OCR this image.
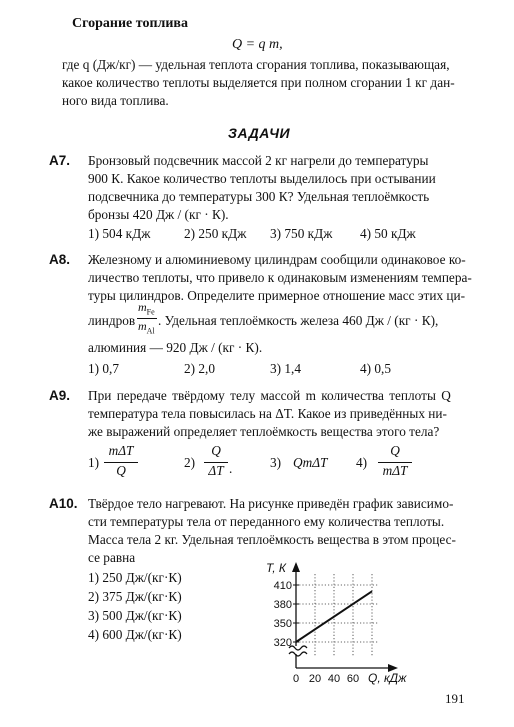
Сгорание топлива
Q = q m,
где q (Дж/кг) — удельная теплота сгорания топлива, показывающая,
какое количество теплоты выделяется при полном сгорании 1 кг дан-
ного вида топлива.
ЗАДАЧИ
А7. Бронзовый подсвечник массой 2 кг нагрели до температуры
900 К. Какое количество теплоты выделилось при остывании
подсвечника до температуры 300 К? Удельная теплоёмкость
бронзы 420 Дж / (кг · К).
1) 504 кДж	2) 250 кДж 3) 750 кДж 4) 50 кДж
А8. Железному и алюминиевому цилиндрам сообщили одинаковое ко-
личество теплоты, что привело к одинаковым изменениям темпера-
туры цилиндров. Определите примерное отношение масс этих ци-
линдров
$m_{Fe}$
$m_{Al}$
. Удельная теплоёмкость железа 460 Дж / (кг · К),
алюминия — 920 Дж / (кг · К).
1) 0,7	2) 2,0	3) 1,4	4) 0,5
А9. При передаче твёрдому телу массой m количества теплоты Q
температура тела повысилась на ΔT. Какое из приведённых ни-
же выражений определяет теплоёмкость вещества этого тела?
1)
mΔT
Q
2)
Q
ΔT .	3) QmΔT 4)
Q
mΔT
А10. Твёрдое тело нагревают. На рисунке приведён график зависимо-
сти температуры тела от переданного ему количества теплоты.
Масса тела 2 кг. Удельная теплоёмкость вещества в этом процес-
се равна
1) 250 Дж/(кг·К)
2) 375 Дж/(кг·К)
3) 500 Дж/(кг·К)
4) 600 Дж/(кг·К)
320
350
380
410
0 20 40 60
T, К
Q, кДж
191
